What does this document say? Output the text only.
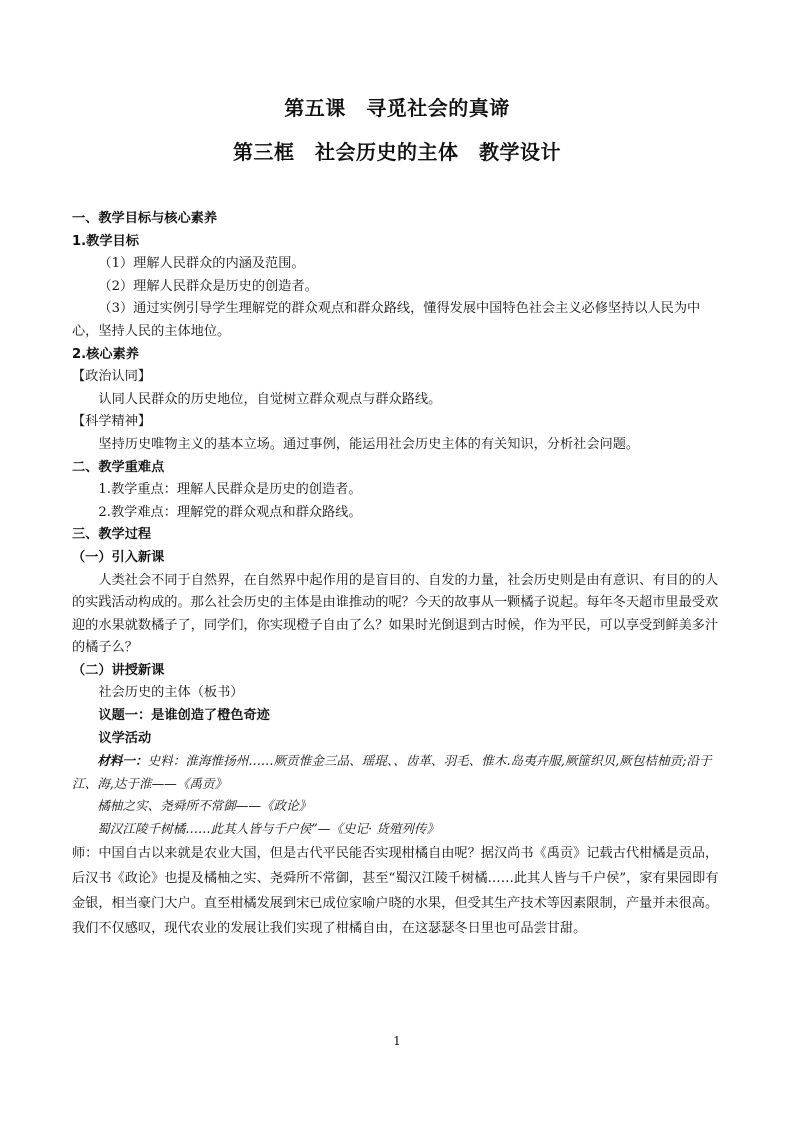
第五课　寻觅社会的真谛
第三框　社会历史的主体　教学设计

一、教学目标与核心素养

1.教学目标

（1）理解人民群众的内涵及范围。

（2）理解人民群众是历史的创造者。

（3）通过实例引导学生理解党的群众观点和群众路线，懂得发展中国特色社会主义必修坚持以人民为中心，坚持人民的主体地位。

2.核心素养

【政治认同】

认同人民群众的历史地位，自觉树立群众观点与群众路线。

【科学精神】

坚持历史唯物主义的基本立场。通过事例，能运用社会历史主体的有关知识，分析社会问题。

二、教学重难点

1.教学重点：理解人民群众是历史的创造者。

2.教学难点：理解党的群众观点和群众路线。

三、教学过程

（一）引入新课

人类社会不同于自然界，在自然界中起作用的是盲目的、自发的力量，社会历史则是由有意识、有目的的人的实践活动构成的。那么社会历史的主体是由谁推动的呢？今天的故事从一颗橘子说起。每年冬天超市里最受欢迎的水果就数橘子了，同学们，你实现橙子自由了么？如果时光倒退到古时候，作为平民，可以享受到鲜美多汁的橘子么？

（二）讲授新课

社会历史的主体（板书）

议题一：是谁创造了橙色奇迹

议学活动

材料一：史料：淮海惟扬州……厥贡惟金三品、瑶琨、、齿革、羽毛、惟木.岛夷卉服,厥篚织贝,厥包桔柚贡;沿于江、海,达于淮——《禹贡》

橘柚之实、尧舜所不常御——《政论》

蜀汉江陵千树橘……此其人皆与千户侯”—《史记· 货殖列传》

师：中国自古以来就是农业大国，但是古代平民能否实现柑橘自由呢？据汉尚书《禹贡》记载古代柑橘是贡品，后汉书《政论》也提及橘柚之实、尧舜所不常御，甚至“蜀汉江陵千树橘……此其人皆与千户侯”，家有果园即有金银，相当豪门大户。直至柑橘发展到宋已成位家喻户晓的水果，但受其生产技术等因素限制，产量并未很高。我们不仅感叹，现代农业的发展让我们实现了柑橘自由，在这瑟瑟冬日里也可品尝甘甜。

1
